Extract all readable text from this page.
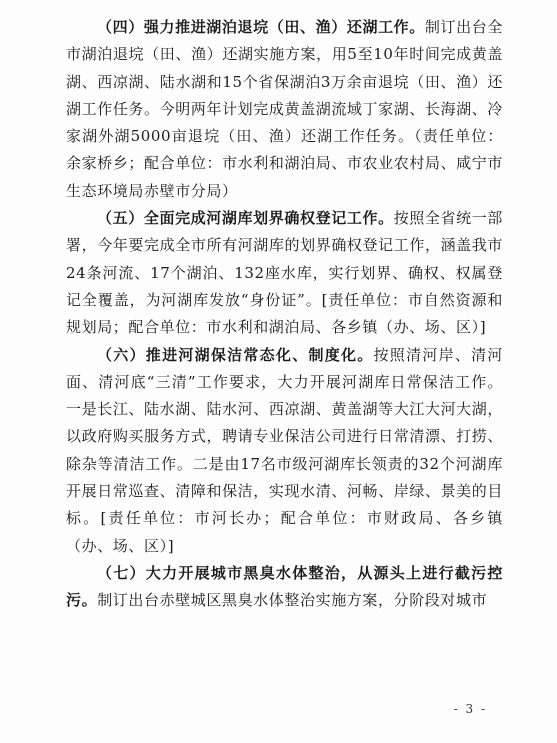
（四）强力推进湖泊退垸（田、渔）还湖工作。制订出台全市湖泊退垸（田、渔）还湖实施方案，用5至10年时间完成黄盖湖、西凉湖、陆水湖和15个省保湖泊3万余亩退垸（田、渔）还湖工作任务。今明两年计划完成黄盖湖流域丁家湖、长海湖、冷家湖外湖5000亩退垸（田、渔）还湖工作任务。（责任单位：余家桥乡；配合单位：市水利和湖泊局、市农业农村局、咸宁市生态环境局赤壁市分局）

（五）全面完成河湖库划界确权登记工作。按照全省统一部署，今年要完成全市所有河湖库的划界确权登记工作，涵盖我市24条河流、17个湖泊、132座水库，实行划界、确权、权属登记全覆盖，为河湖库发放“身份证”。[责任单位：市自然资源和规划局；配合单位：市水利和湖泊局、各乡镇（办、场、区）]

（六）推进河湖保洁常态化、制度化。按照清河岸、清河面、清河底“三清”工作要求，大力开展河湖库日常保洁工作。一是长江、陆水湖、陆水河、西凉湖、黄盖湖等大江大河大湖，以政府购买服务方式，聘请专业保洁公司进行日常清漂、打捞、除杂等清洁工作。二是由17名市级河湖库长领责的32个河湖库开展日常巡查、清障和保洁，实现水清、河畅、岸绿、景美的目标。[责任单位：市河长办；配合单位：市财政局、各乡镇（办、场、区）]

（七）大力开展城市黑臭水体整治，从源头上进行截污控污。制订出台赤壁城区黑臭水体整治实施方案，分阶段对城市

- 3 -
